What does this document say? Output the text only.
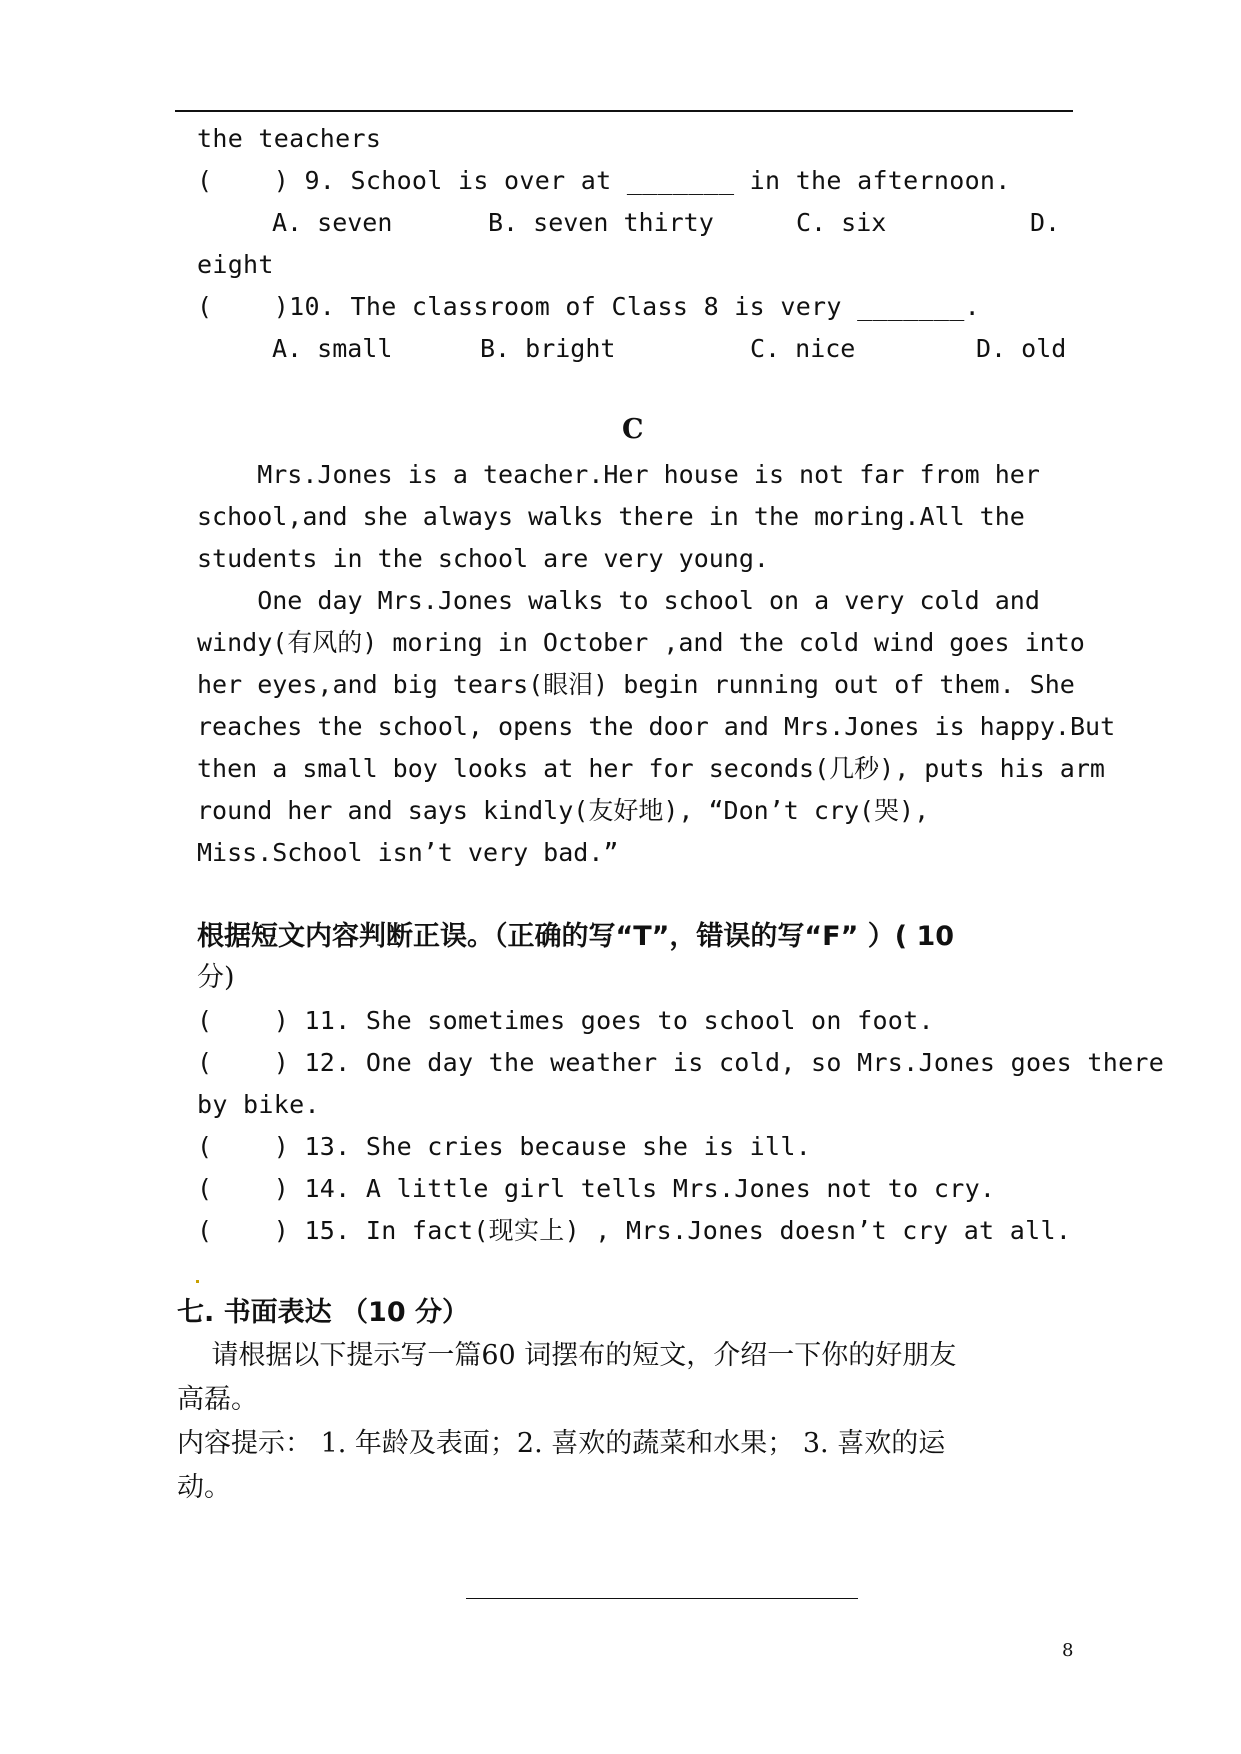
the teachers
(    ) 9. School is over at _______ in the afternoon.
A. seven	B. seven thirty	C. six	D.
eight
(    )10. The classroom of Class 8 is very _______.
A. small	B. bright	C. nice	D. old
C
Mrs.Jones is a teacher.Her house is not far from her
school,and she always walks there in the moring.All the
students in the school are very young.
One day Mrs.Jones walks to school on a very cold and
windy(有风的) moring in October ,and the cold wind goes into
her eyes,and big tears(眼泪) begin running out of them. She
reaches the school, opens the door and Mrs.Jones is happy.But
then a small boy looks at her for seconds(几秒), puts his arm
round her and says kindly(友好地), “Don’t cry(哭),
Miss.School isn’t very bad.”
根据短文内容判断正误。（正确的写“T”，错误的写“F” ）( 10
分)
(    ) 11. She sometimes goes to school on foot.
(    ) 12. One day the weather is cold, so Mrs.Jones goes there
by bike.
(    ) 13. She cries because she is ill.
(    ) 14. A little girl tells Mrs.Jones not to cry.
(    ) 15. In fact(现实上) , Mrs.Jones doesn’t cry at all.
七. 书面表达 （10 分）
请根据以下提示写一篇60 词摆布的短文，介绍一下你的好朋友
高磊。
内容提示： 1. 年龄及表面；2. 喜欢的蔬菜和水果； 3. 喜欢的运
动。
8
